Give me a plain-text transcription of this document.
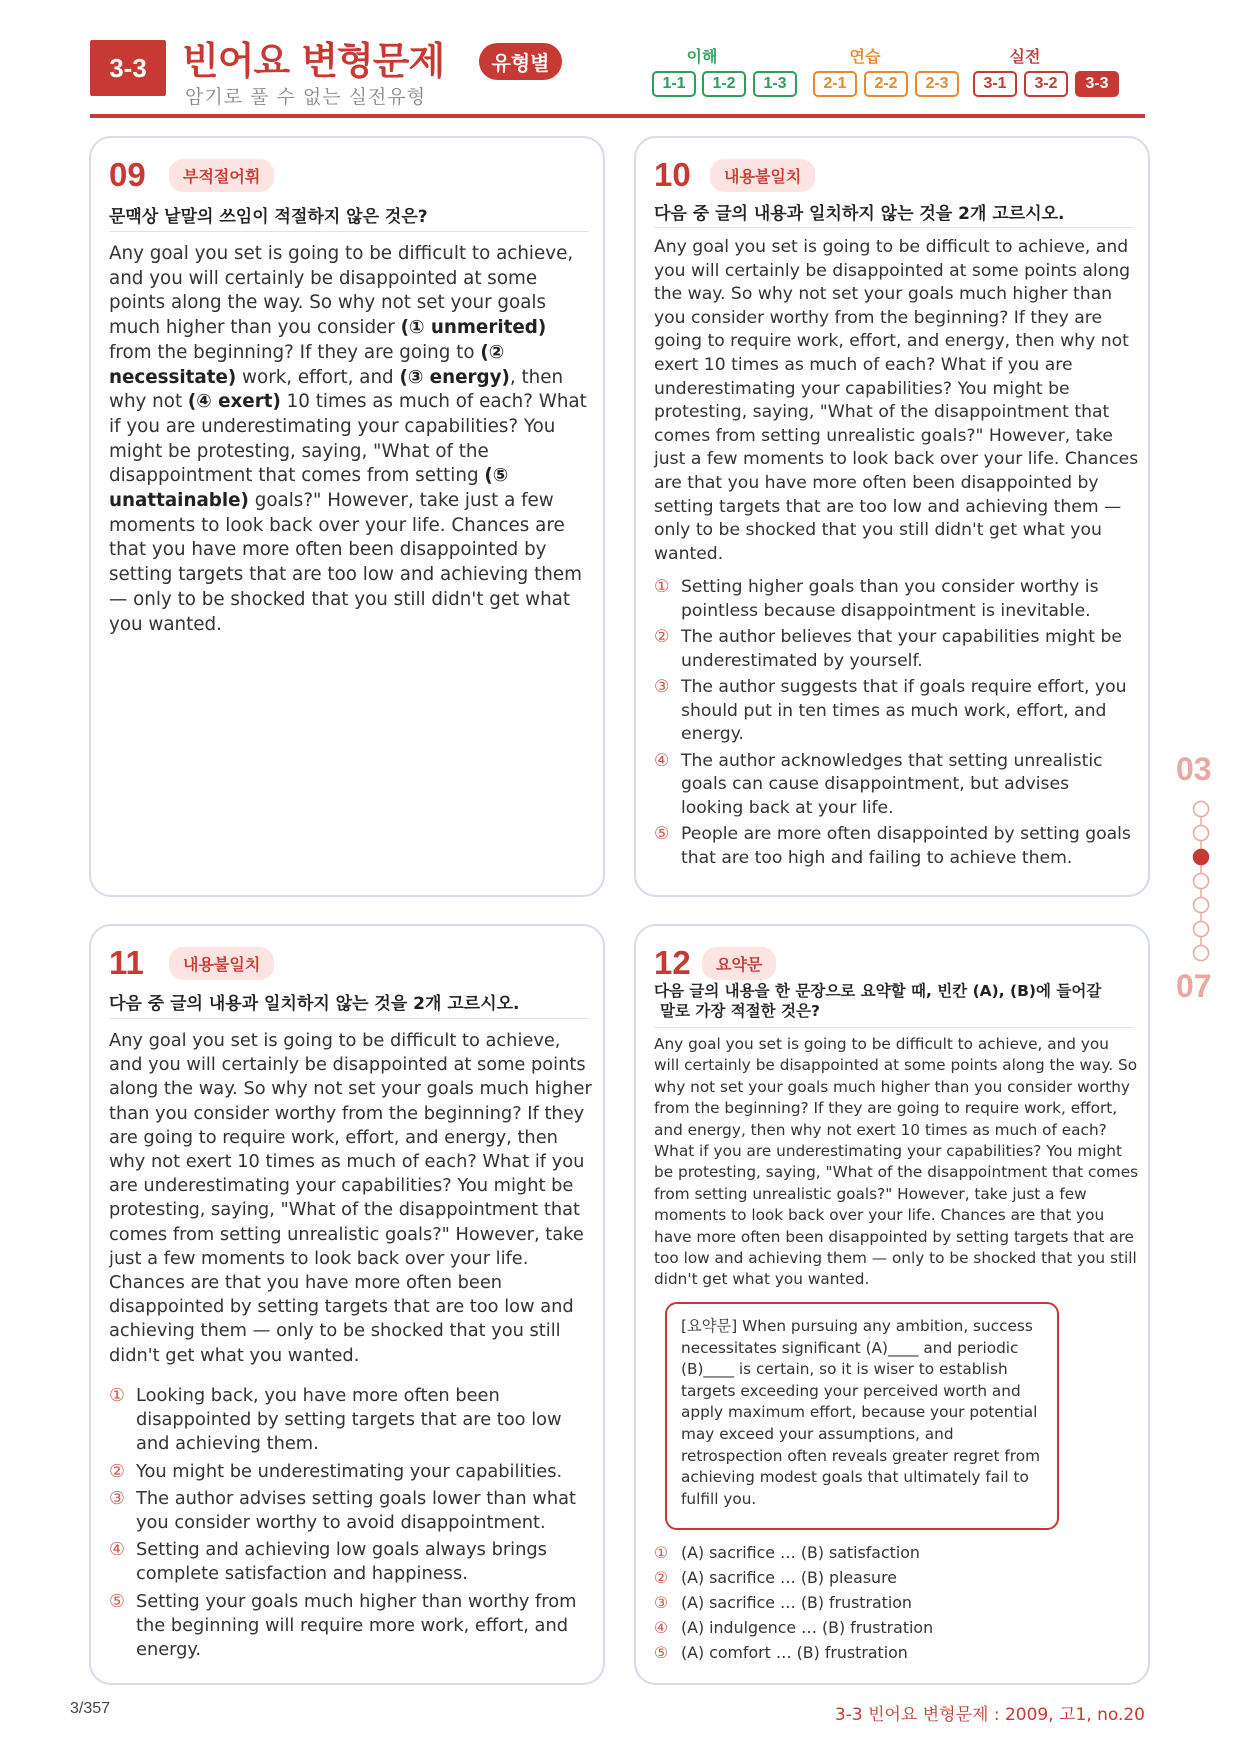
3-3 빈어요 변형문제	유형별
암기로 풀 수 없는 실전유형
이해
1-1	1-2	1-3
연습
2-1	2-2	2-3
실전
3-1	3-2	3-3
09	부적절어휘
문맥상 낱말의 쓰임이 적절하지 않은 것은?
Any goal you set is going to be difficult to achieve, and you will certainly be disappointed at some points along the way. So why not set your goals much higher than you consider (① unmerited) from the beginning? If they are going to (② necessitate) work, effort, and (③ energy), then why not (④ exert) 10 times as much of each? What if you are underestimating your capabilities? You might be protesting, saying, "What of the disappointment that comes from setting (⑤ unattainable) goals?" However, take just a few moments to look back over your life. Chances are that you have more often been disappointed by setting targets that are too low and achieving them — only to be shocked that you still didn't get what you wanted.
10	내용불일치
다음 중 글의 내용과 일치하지 않는 것을 2개 고르시오.
Any goal you set is going to be difficult to achieve, and you will certainly be disappointed at some points along the way. So why not set your goals much higher than you consider worthy from the beginning? If they are going to require work, effort, and energy, then why not exert 10 times as much of each? What if you are underestimating your capabilities? You might be protesting, saying, "What of the disappointment that comes from setting unrealistic goals?" However, take just a few moments to look back over your life. Chances are that you have more often been disappointed by setting targets that are too low and achieving them — only to be shocked that you still didn't get what you wanted.
① Setting higher goals than you consider worthy is pointless because disappointment is inevitable.
② The author believes that your capabilities might be underestimated by yourself.
③ The author suggests that if goals require effort, you should put in ten times as much work, effort, and energy.
④ The author acknowledges that setting unrealistic goals can cause disappointment, but advises looking back at your life.
⑤ People are more often disappointed by setting goals that are too high and failing to achieve them.
11	내용불일치
다음 중 글의 내용과 일치하지 않는 것을 2개 고르시오.
Any goal you set is going to be difficult to achieve, and you will certainly be disappointed at some points along the way. So why not set your goals much higher than you consider worthy from the beginning? If they are going to require work, effort, and energy, then why not exert 10 times as much of each? What if you are underestimating your capabilities? You might be protesting, saying, "What of the disappointment that comes from setting unrealistic goals?" However, take just a few moments to look back over your life. Chances are that you have more often been disappointed by setting targets that are too low and achieving them — only to be shocked that you still didn't get what you wanted.
① Looking back, you have more often been disappointed by setting targets that are too low and achieving them.
② You might be underestimating your capabilities.
③ The author advises setting goals lower than what you consider worthy to avoid disappointment.
④ Setting and achieving low goals always brings complete satisfaction and happiness.
⑤ Setting your goals much higher than worthy from the beginning will require more work, effort, and energy.
12	요약문
다음 글의 내용을 한 문장으로 요약할 때, 빈칸 (A), (B)에 들어갈
말로 가장 적절한 것은?
Any goal you set is going to be difficult to achieve, and you will certainly be disappointed at some points along the way. So why not set your goals much higher than you consider worthy from the beginning? If they are going to require work, effort, and energy, then why not exert 10 times as much of each? What if you are underestimating your capabilities? You might be protesting, saying, "What of the disappointment that comes from setting unrealistic goals?" However, take just a few moments to look back over your life. Chances are that you have more often been disappointed by setting targets that are too low and achieving them — only to be shocked that you still didn't get what you wanted.
[요약문] When pursuing any ambition, success necessitates significant (A)____ and periodic (B)____ is certain, so it is wiser to establish targets exceeding your perceived worth and apply maximum effort, because your potential may exceed your assumptions, and retrospection often reveals greater regret from achieving modest goals that ultimately fail to fulfill you.
① (A) sacrifice … (B) satisfaction
② (A) sacrifice … (B) pleasure
③ (A) sacrifice … (B) frustration
④ (A) indulgence … (B) frustration
⑤ (A) comfort … (B) frustration
03
07
3/357	3-3 빈어요 변형문제 : 2009, 고1, no.20
